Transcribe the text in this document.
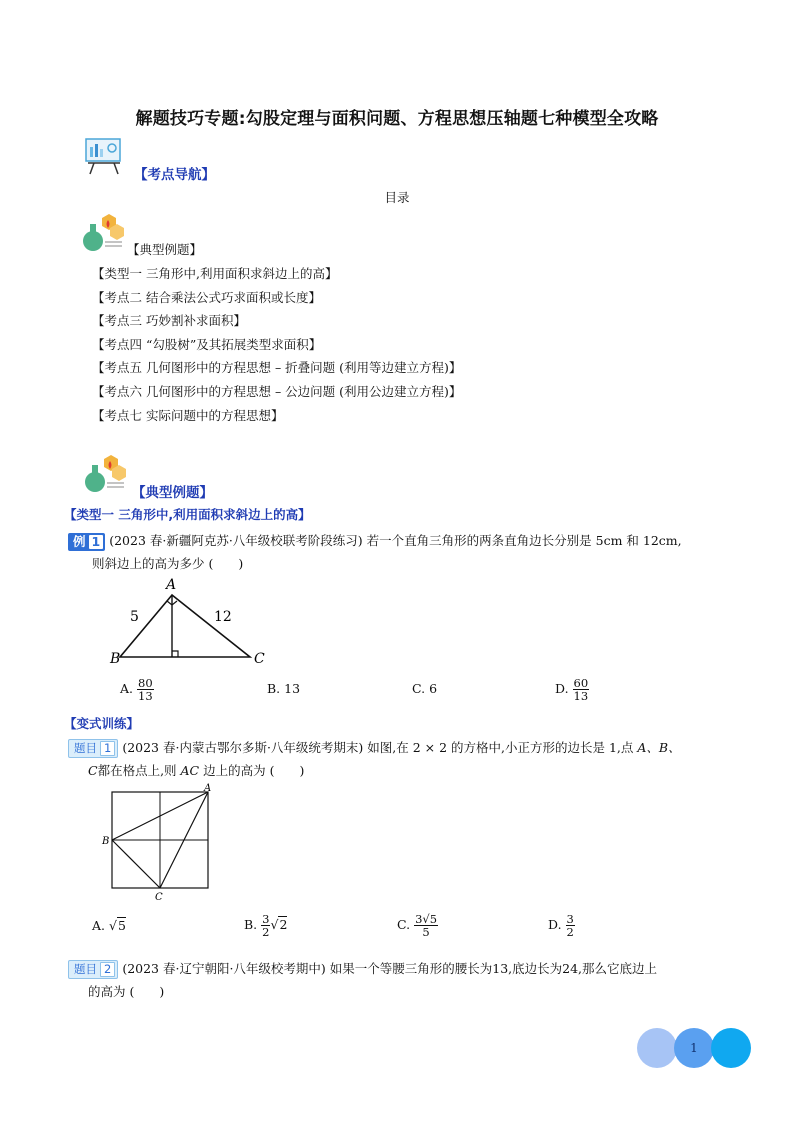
解题技巧专题:勾股定理与面积问题、方程思想压轴题七种模型全攻略
【考点导航】
目录
【典型例题】
【类型一 三角形中,利用面积求斜边上的高】
【考点二 结合乘法公式巧求面积或长度】
【考点三 巧妙割补求面积】
【考点四 “勾股树”及其拓展类型求面积】
【考点五 几何图形中的方程思想 – 折叠问题 (利用等边建立方程)】
【考点六 几何图形中的方程思想 – 公边问题 (利用公边建立方程)】
【考点七 实际问题中的方程思想】
【典型例题】
【类型一 三角形中,利用面积求斜边上的高】
例 1 (2023 春·新疆阿克苏·八年级校联考阶段练习) 若一个直角三角形的两条直角边长分别是 5cm 和 12cm,
则斜边上的高为多少 (　　)
A
B	C
5	12
A. $\frac{80}{13}$	B. 13	C. 6	D. $\frac{60}{13}$
【变式训练】
题目 1 (2023 春·内蒙古鄂尔多斯·八年级统考期末) 如图,在 2 × 2 的方格中,小正方形的边长是 1,点 A、B、
C都在格点上,则 AC 边上的高为 (　　)
A
B
C
A. √5	B. $\frac{3}{2} √2$	C. $\frac{3√5}{5}$	D. $\frac{3}{2}$
题目 2 (2023 春·辽宁朝阳·八年级校考期中) 如果一个等腰三角形的腰长为13,底边长为24,那么它底边上
的高为 (　　)
1
